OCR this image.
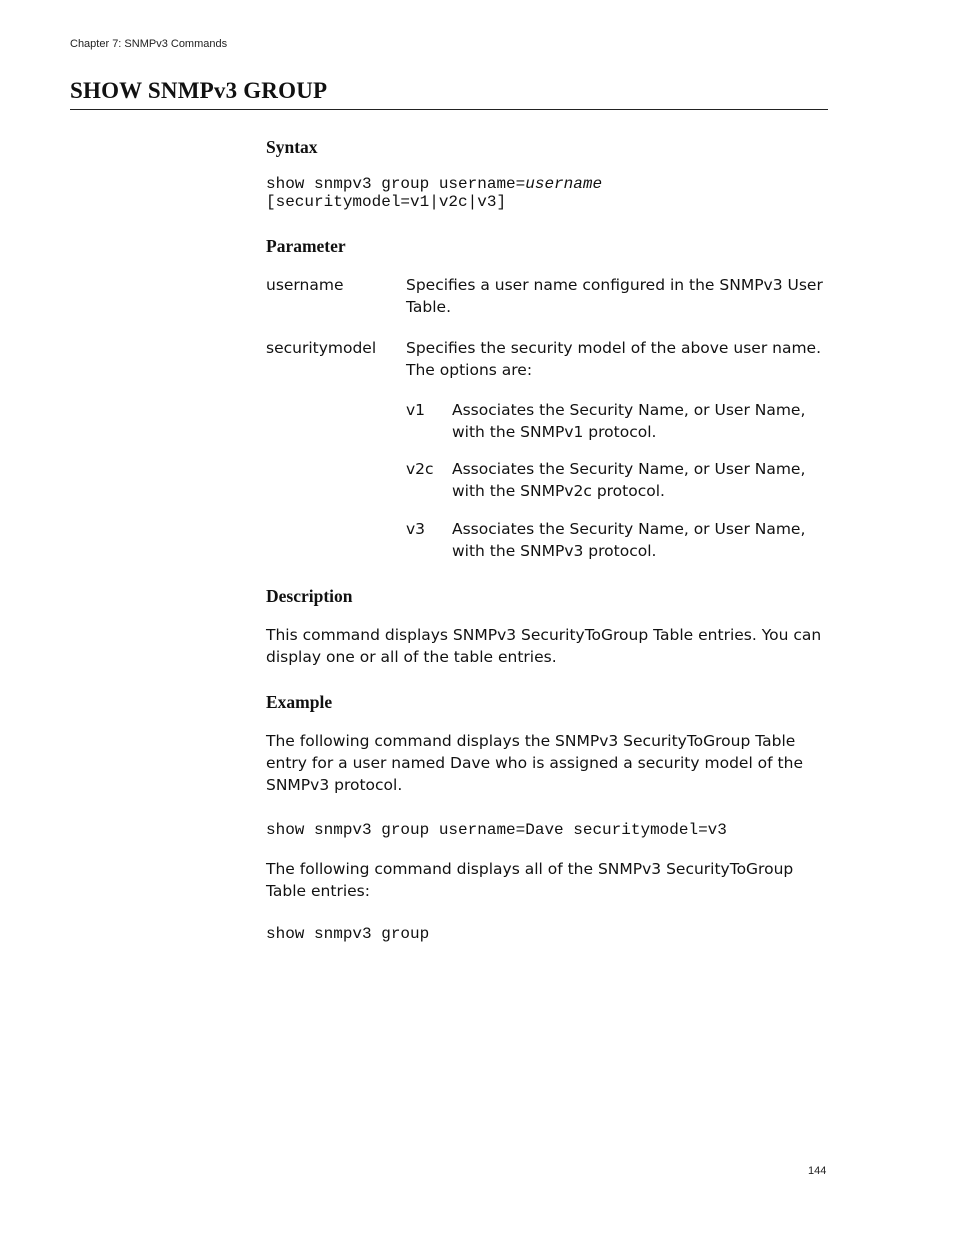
Chapter 7: SNMPv3 Commands
SHOW SNMPv3 GROUP
Syntax
show snmpv3 group username=username
[securitymodel=v1|v2c|v3]
Parameter
username	Specifies a user name configured in the SNMPv3 User Table.
securitymodel	Specifies the security model of the above user name. The options are:
v1	Associates the Security Name, or User Name, with the SNMPv1 protocol.
v2c	Associates the Security Name, or User Name, with the SNMPv2c protocol.
v3	Associates the Security Name, or User Name, with the SNMPv3 protocol.
Description

This command displays SNMPv3 SecurityToGroup Table entries. You can display one or all of the table entries.

Example

The following command displays the SNMPv3 SecurityToGroup Table entry for a user named Dave who is assigned a security model of the SNMPv3 protocol.

show snmpv3 group username=Dave securitymodel=v3

The following command displays all of the SNMPv3 SecurityToGroup Table entries:

show snmpv3 group
144
